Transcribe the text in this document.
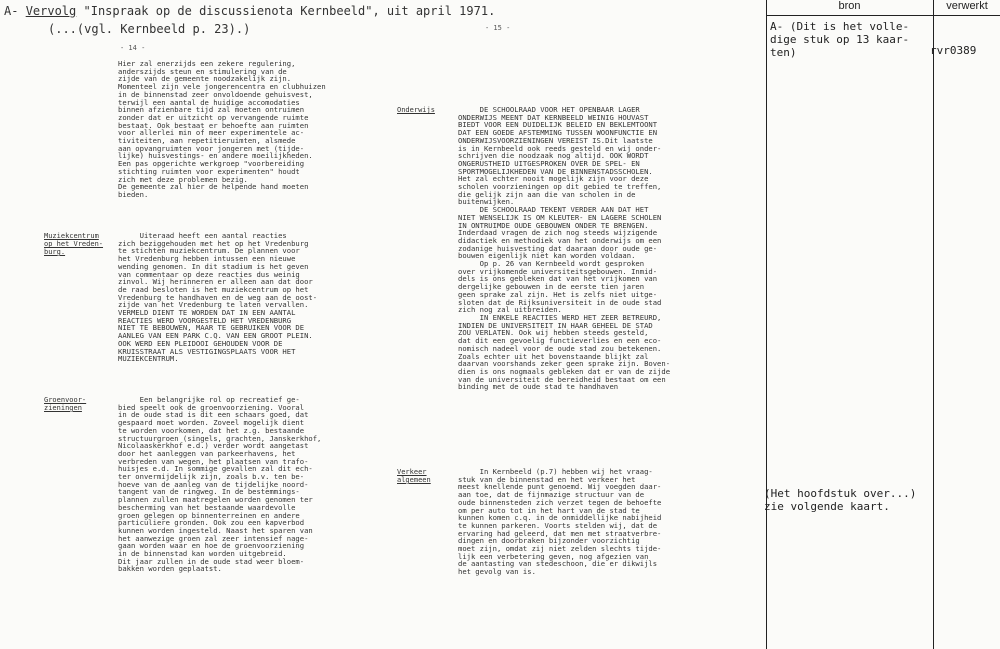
A- Vervolg "Inspraak op de discussienota Kernbeeld", uit april 1971.
(...(vgl. Kernbeeld p. 23).)
- 14 -
- 15 -

Hier zal enerzijds een zekere regulering,

anderszijds steun en stimulering van de

zijde van de gemeente noodzakelijk zijn.

Momenteel zijn vele jongerencentra en clubhuizen

in de binnenstad zeer onvoldoende gehuisvest,

terwijl een aantal de huidige accomodaties

binnen afzienbare tijd zal moeten ontruimen

zonder dat er uitzicht op vervangende ruimte

bestaat. Ook bestaat er behoefte aan ruimten

voor allerlei min of meer experimentele ac-

tiviteiten, aan repetitieruimten, alsmede

aan opvangruimten voor jongeren met (tijde-

lijke) huisvestings- en andere moeilijkheden.

Een pas opgerichte werkgroep "voorbereiding

stichting ruimten voor experimenten" houdt

zich met deze problemen bezig.

De gemeente zal hier de helpende hand moeten

bieden.

Muziekcentrum
op het Vreden-
burg.

Uiteraad heeft een aantal reacties

zich beziggehouden met het op het Vredenburg

te stichten muziekcentrum. De plannen voor

het Vredenburg hebben intussen een nieuwe

wending genomen. In dit stadium is het geven

van commentaar op deze reacties dus weinig

zinvol. Wij herinneren er alleen aan dat door

de raad besloten is het muziekcentrum op het

Vredenburg te handhaven en de weg aan de oost-

zijde van het Vredenburg te laten vervallen.

VERMELD DIENT TE WORDEN DAT IN EEN AANTAL

REACTIES WERD VOORGESTELD HET VREDENBURG

NIET TE BEBOUWEN, MAAR TE GEBRUIKEN VOOR DE

AANLEG VAN EEN PARK C.Q. VAN EEN GROOT PLEIN.

OOK WERD EEN PLEIDOOI GEHOUDEN VOOR DE

KRUISSTRAAT ALS VESTIGINGSPLAATS VOOR HET

MUZIEKCENTRUM.

Groenvoor-
zieningen

Een belangrijke rol op recreatief ge-

bied speelt ook de groenvoorziening. Vooral

in de oude stad is dit een schaars goed, dat

gespaard moet worden. Zoveel mogelijk dient

te worden voorkomen, dat het z.g. bestaande

structuurgroen (singels, grachten, Janskerkhof,

Nicolaaskerkhof e.d.) verder wordt aangetast

door het aanleggen van parkeerhavens, het

verbreden van wegen, het plaatsen van trafo-

huisjes e.d. In sommige gevallen zal dit ech-

ter onvermijdelijk zijn, zoals b.v. ten be-

hoeve van de aanleg van de tijdelijke noord-

tangent van de ringweg. In de bestemmings-

plannen zullen maatregelen worden genomen ter

bescherming van het bestaande waardevolle

groen gelegen op binnenterreinen en andere

particuliere gronden. Ook zou een kapverbod

kunnen worden ingesteld. Naast het sparen van

het aanwezige groen zal zeer intensief nage-

gaan worden waar en hoe de groenvoorziening

in de binnenstad kan worden uitgebreid.

Dit jaar zullen in de oude stad weer bloem-

bakken worden geplaatst.

Onderwijs	DE SCHOOLRAAD VOOR HET OPENBAAR LAGER

ONDERWIJS MEENT DAT KERNBEELD WEINIG HOUVAST

BIEDT VOOR EEN DUIDELIJK BELEID EN BEKLEMTOONT

DAT EEN GOEDE AFSTEMMING TUSSEN WOONFUNCTIE EN

ONDERWIJSVOORZIENINGEN VEREIST IS.Dit laatste

is in Kernbeeld ook reeds gesteld en wij onder-

schrijven die noodzaak nog altijd. OOK WORDT

ONGERUSTHEID UITGESPROKEN OVER DE SPEL- EN

SPORTMOGELIJKHEDEN VAN DE BINNENSTADSSCHOLEN.

Het zal echter nooit mogelijk zijn voor deze

scholen voorzieningen op dit gebied te treffen,

die gelijk zijn aan die van scholen in de

buitenwijken.

DE SCHOOLRAAD TEKENT VERDER AAN DAT HET

NIET WENSELIJK IS OM KLEUTER- EN LAGERE SCHOLEN

IN ONTRUIMDE OUDE GEBOUWEN ONDER TE BRENGEN.

Inderdaad vragen de zich nog steeds wijzigende

didactiek en methodiek van het onderwijs om een

zodanige huisvesting dat daaraan door oude ge-

bouwen eigenlijk niet kan worden voldaan.

Op p. 26 van Kernbeeld wordt gesproken

over vrijkomende universiteitsgebouwen. Inmid-

dels is ons gebleken dat van het vrijkomen van

dergelijke gebouwen in de eerste tien jaren

geen sprake zal zijn. Het is zelfs niet uitge-

sloten dat de Rijksuniversiteit in de oude stad

zich nog zal uitbreiden.

IN ENKELE REACTIES WERD HET ZEER BETREURD,

INDIEN DE UNIVERSITEIT IN HAAR GEHEEL DE STAD

ZOU VERLATEN. Ook wij hebben steeds gesteld,

dat dit een gevoelig functieverlies en een eco-

nomisch nadeel voor de oude stad zou betekenen.

Zoals echter uit het bovenstaande blijkt zal

daarvan voorshands zeker geen sprake zijn. Boven-

dien is ons nogmaals gebleken dat er van de zijde

van de universiteit de bereidheid bestaat om een

binding met de oude stad te handhaven

Verkeer
algemeen

In Kernbeeld (p.7) hebben wij het vraag-

stuk van de binnenstad en het verkeer het

meest knellende punt genoemd. Wij voegden daar-

aan toe, dat de fijnmazige structuur van de

oude binnensteden zich verzet tegen de behoefte

om per auto tot in het hart van de stad te

kunnen komen c.q. in de onmiddellijke nabijheid

te kunnen parkeren. Voorts stelden wij, dat de

ervaring had geleerd, dat men met straatverbre-

dingen en doorbraken bijzonder voorzichtig

moet zijn, omdat zij niet zelden slechts tijde-

lijk een verbetering geven, nog afgezien van

de aantasting van stedeschoon, die er dikwijls

het gevolg van is.

bron	verwerkt
A- (Dit is het volle-
dige stuk op 13 kaar-
ten)	rvr0389
(Het hoofdstuk over...)
zie volgende kaart.
